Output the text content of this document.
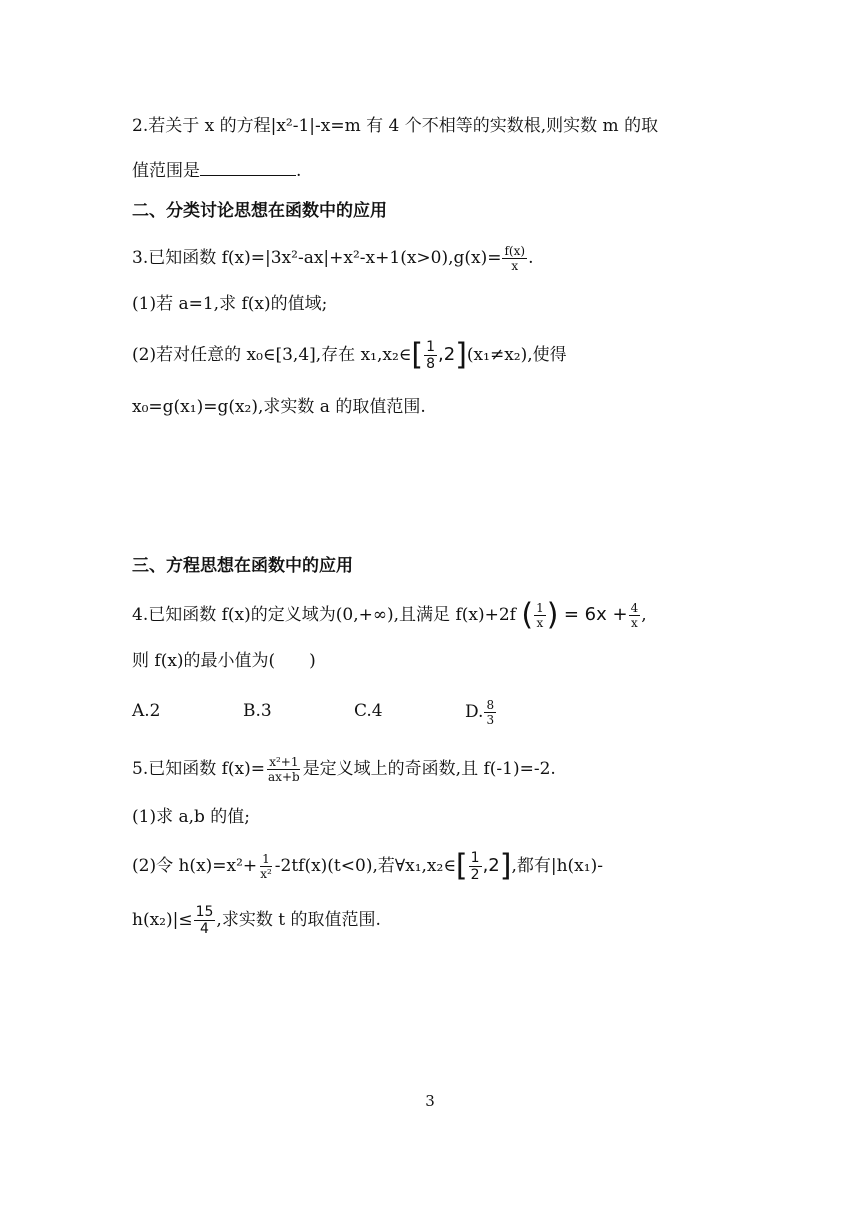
2.若关于 x 的方程|x²-1|-x=m 有 4 个不相等的实数根,则实数 m 的取
值范围是	.
二、分类讨论思想在函数中的应用
3.已知函数 $f(x)=|3x^2-ax|+x^2-x+1(x>0),g(x)= \frac{f(x)}{x}$ .
(1)若 a=1,求 f(x)的值域;
(2)若对任意的 x₀∈[3,4],存在 x₁,x₂∈[ $\frac{1}{8} ,2](x_1\ne x_2)$,使得
x₀=g(x₁)=g(x₂),求实数 a 的取值范围.
三、方程思想在函数中的应用
4.已知函数 f(x)的定义域为(0,+∞),且满足 f(x)+2f ( $\frac{1}{x}$ ) = $6x + \frac{4}{x}$ ,
则 f(x)的最小值为(　　)
A.2	B.3	C.4	D. $\frac{8}{3}$
5.已知函数 $f(x)= \frac{\text{x²+1}}{ax+b}$ 是定义域上的奇函数,且 f(-1)=-2.
(1)求 a,b 的值;
(2)令 $h(x)=x^2+ \frac{1}{\text{x²}} -2tf(x)(t<0)$,若∀x₁,x₂∈[ $\frac{1}{2} ,2$],都有|h(x₁)-
$h(x_2)|\le \frac{15}{4}$ ,求实数 t 的取值范围.
3
